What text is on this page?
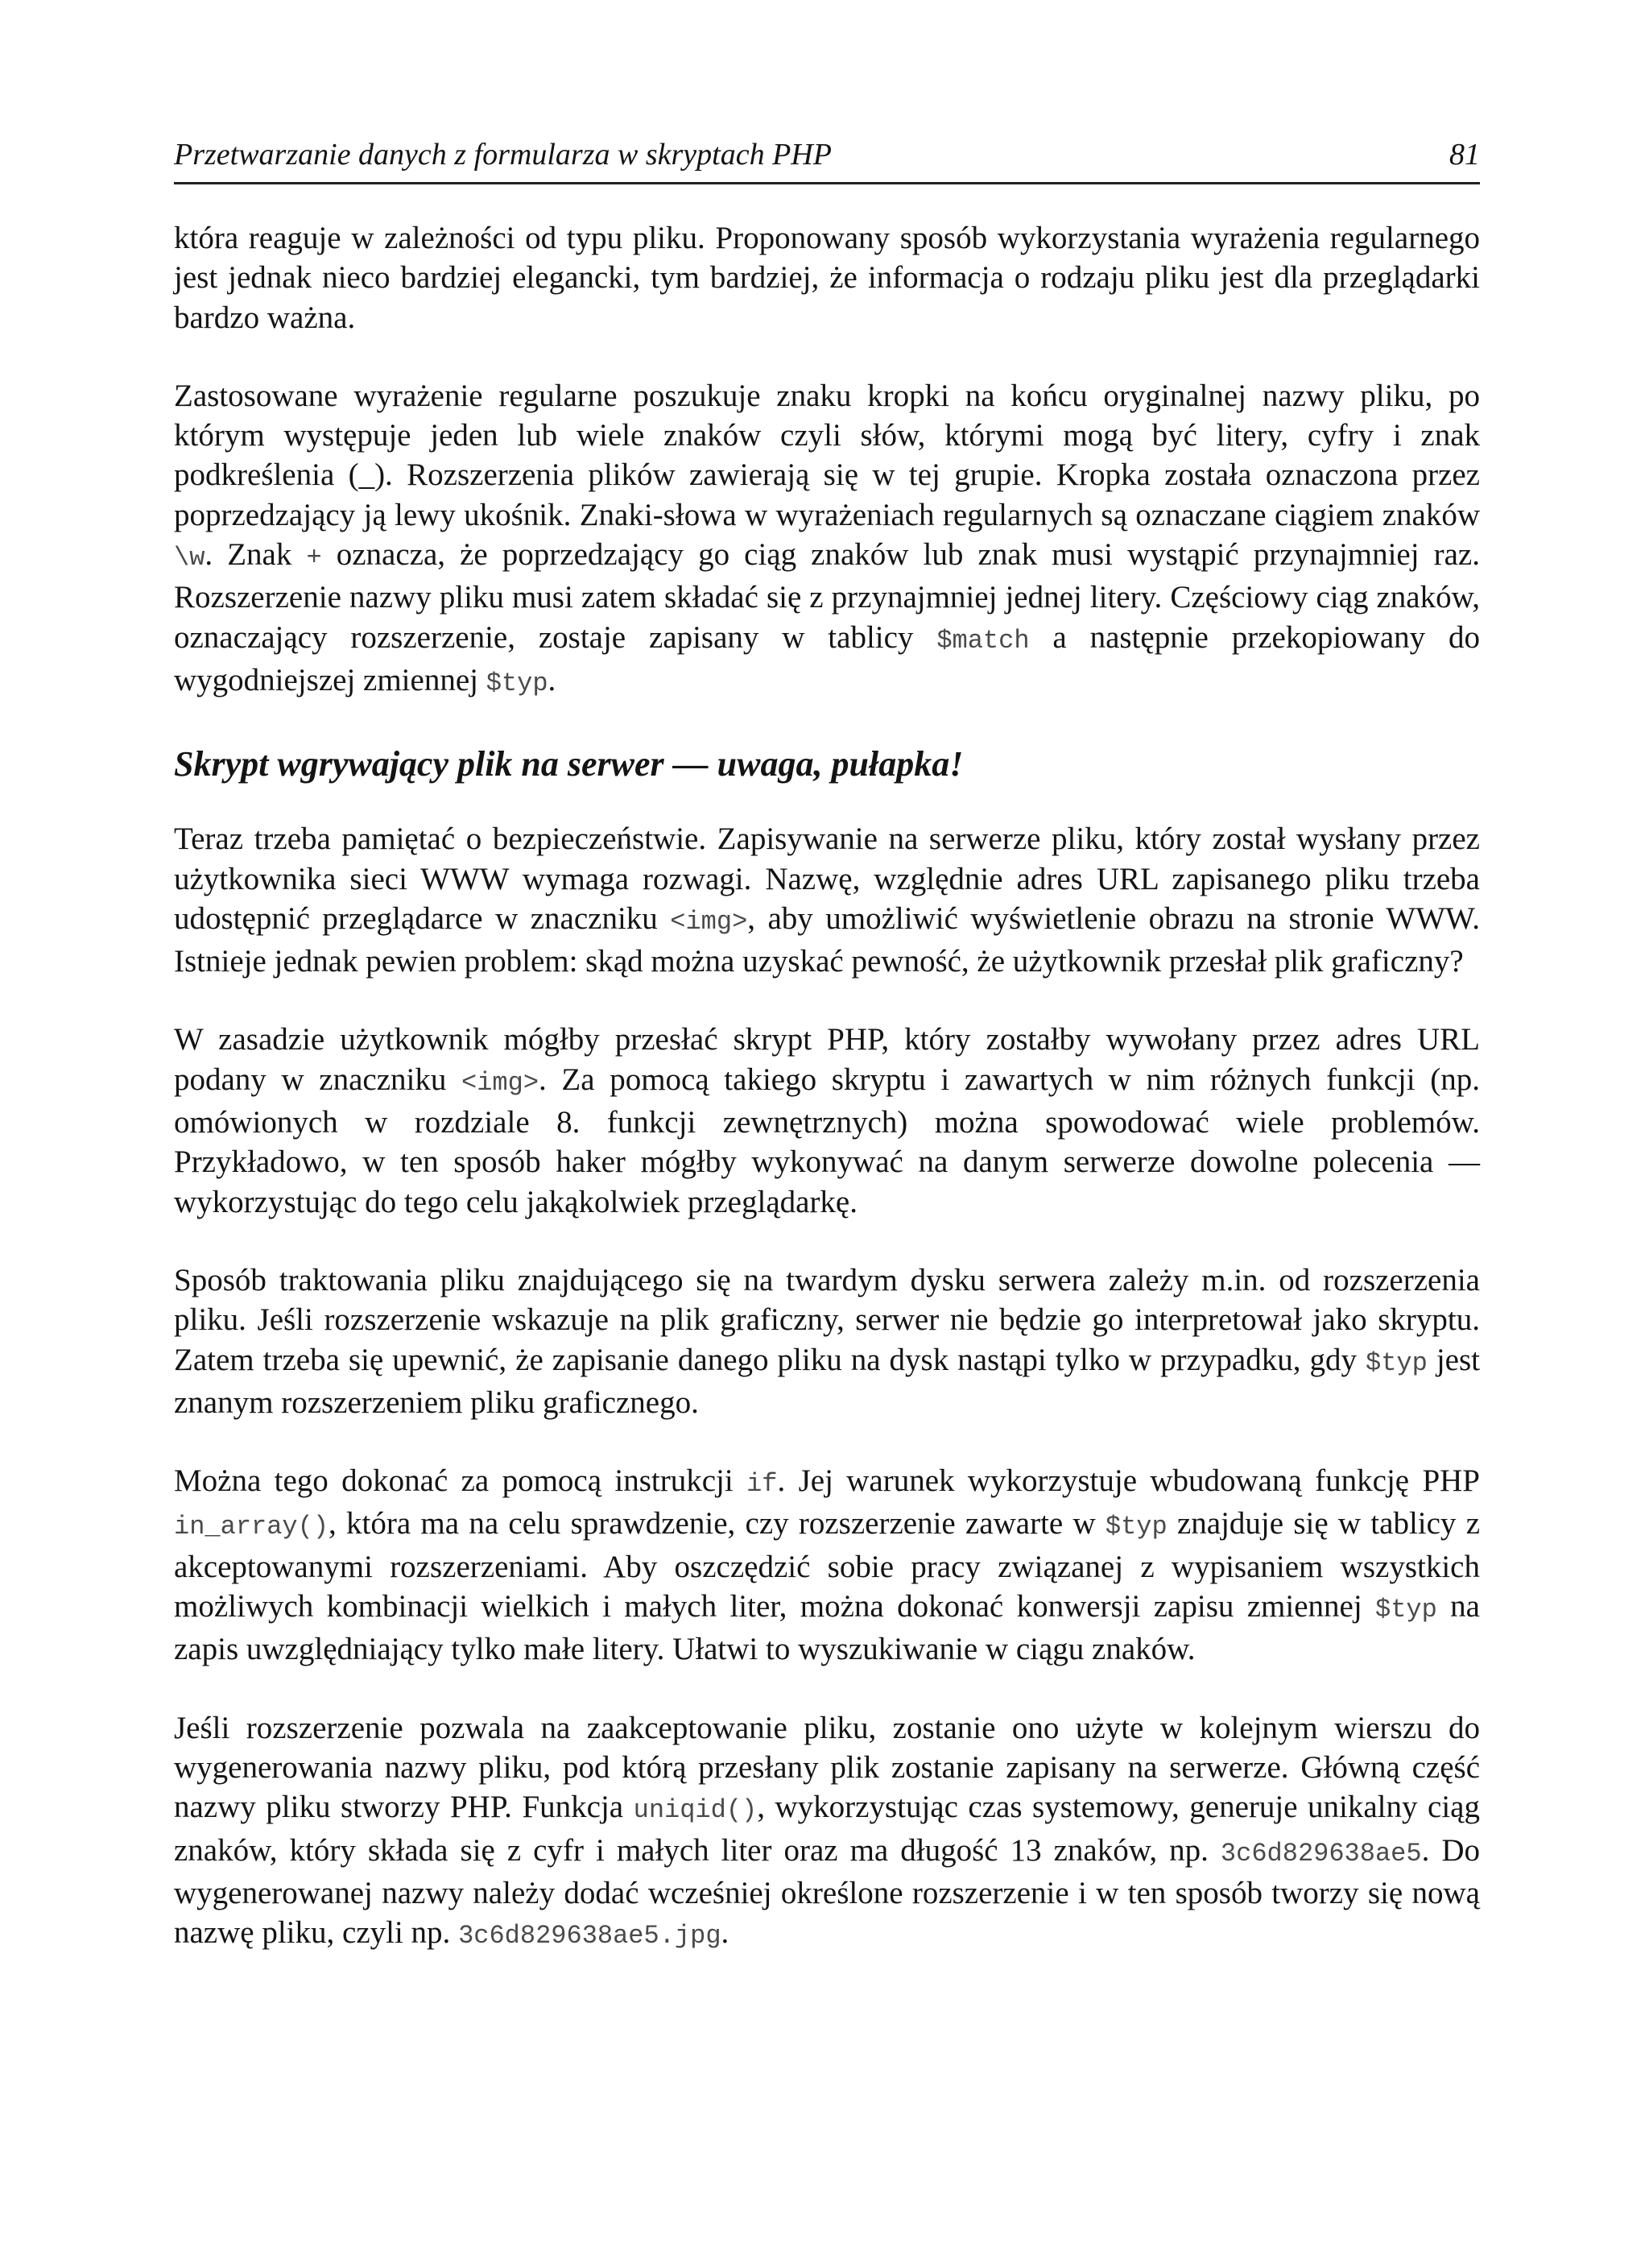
Przetwarzanie danych z formularza w skryptach PHP	81

która reaguje w zależności od typu pliku. Proponowany sposób wykorzystania wyrażenia regularnego jest jednak nieco bardziej elegancki, tym bardziej, że informacja o rodzaju pliku jest dla przeglądarki bardzo ważna.

Zastosowane wyrażenie regularne poszukuje znaku kropki na końcu oryginalnej nazwy pliku, po którym występuje jeden lub wiele znaków czyli słów, którymi mogą być litery, cyfry i znak podkreślenia (_). Rozszerzenia plików zawierają się w tej grupie. Kropka została oznaczona przez poprzedzający ją lewy ukośnik. Znaki-słowa w wyrażeniach regularnych są oznaczane ciągiem znaków \w. Znak + oznacza, że poprzedzający go ciąg znaków lub znak musi wystąpić przynajmniej raz. Rozszerzenie nazwy pliku musi zatem składać się z przynajmniej jednej litery. Częściowy ciąg znaków, oznaczający rozszerzenie, zostaje zapisany w tablicy $match a następnie przekopiowany do wygodniejszej zmiennej $typ.

Skrypt wgrywający plik na serwer — uwaga, pułapka!

Teraz trzeba pamiętać o bezpieczeństwie. Zapisywanie na serwerze pliku, który został wysłany przez użytkownika sieci WWW wymaga rozwagi. Nazwę, względnie adres URL zapisanego pliku trzeba udostępnić przeglądarce w znaczniku <img>, aby umożliwić wyświetlenie obrazu na stronie WWW. Istnieje jednak pewien problem: skąd można uzyskać pewność, że użytkownik przesłał plik graficzny?

W zasadzie użytkownik mógłby przesłać skrypt PHP, który zostałby wywołany przez adres URL podany w znaczniku <img>. Za pomocą takiego skryptu i zawartych w nim różnych funkcji (np. omówionych w rozdziale 8. funkcji zewnętrznych) można spowodować wiele problemów. Przykładowo, w ten sposób haker mógłby wykonywać na danym serwerze dowolne polecenia — wykorzystując do tego celu jakąkolwiek przeglądarkę.

Sposób traktowania pliku znajdującego się na twardym dysku serwera zależy m.in. od rozszerzenia pliku. Jeśli rozszerzenie wskazuje na plik graficzny, serwer nie będzie go interpretował jako skryptu. Zatem trzeba się upewnić, że zapisanie danego pliku na dysk nastąpi tylko w przypadku, gdy $typ jest znanym rozszerzeniem pliku graficznego.

Można tego dokonać za pomocą instrukcji if. Jej warunek wykorzystuje wbudowaną funkcję PHP in_array(), która ma na celu sprawdzenie, czy rozszerzenie zawarte w $typ znajduje się w tablicy z akceptowanymi rozszerzeniami. Aby oszczędzić sobie pracy związanej z wypisaniem wszystkich możliwych kombinacji wielkich i małych liter, można dokonać konwersji zapisu zmiennej $typ na zapis uwzględniający tylko małe litery. Ułatwi to wyszukiwanie w ciągu znaków.

Jeśli rozszerzenie pozwala na zaakceptowanie pliku, zostanie ono użyte w kolejnym wierszu do wygenerowania nazwy pliku, pod którą przesłany plik zostanie zapisany na serwerze. Główną część nazwy pliku stworzy PHP. Funkcja uniqid(), wykorzystując czas systemowy, generuje unikalny ciąg znaków, który składa się z cyfr i małych liter oraz ma długość 13 znaków, np. 3c6d829638ae5. Do wygenerowanej nazwy należy dodać wcześniej określone rozszerzenie i w ten sposób tworzy się nową nazwę pliku, czyli np. 3c6d829638ae5.jpg.
